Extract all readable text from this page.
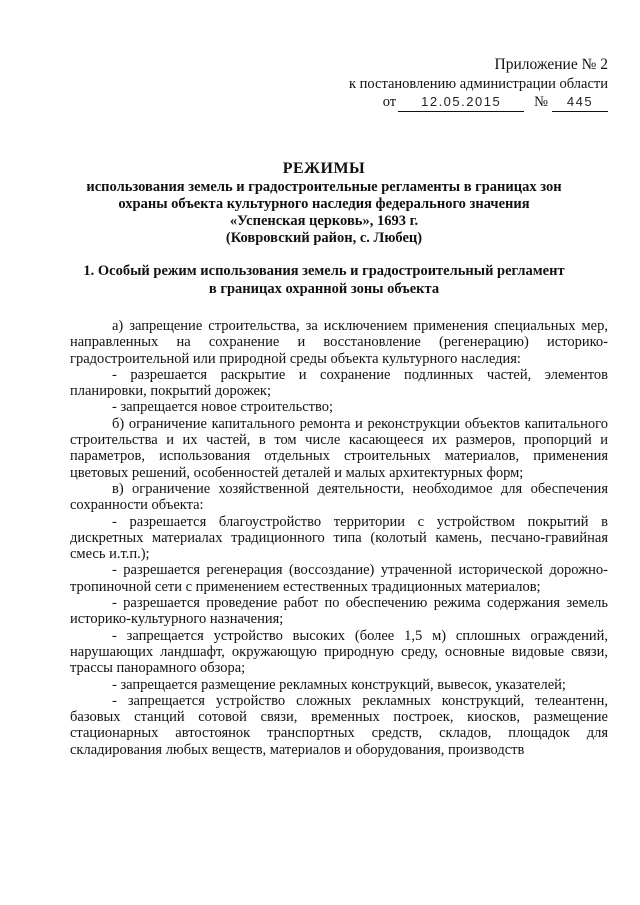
Приложение № 2
к постановлению администрации области
от	12.05.2015	№	445
РЕЖИМЫ
использования земель и градостроительные регламенты в границах зон
охраны объекта культурного наследия федерального значения
«Успенская церковь», 1693 г.
(Ковровский район, с. Любец)
1. Особый режим использования земель и градостроительный регламент
в границах охранной зоны объекта

а) запрещение строительства, за исключением применения специальных мер, направленных на сохранение и восстановление (регенерацию) историко-градостроительной или природной среды объекта культурного наследия:

- разрешается раскрытие и сохранение подлинных частей, элементов планировки, покрытий дорожек;

- запрещается новое строительство;

б) ограничение капитального ремонта и реконструкции объектов капитального строительства и их частей, в том числе касающееся их размеров, пропорций и параметров, использования отдельных строительных материалов, применения цветовых решений, особенностей деталей и малых архитектурных форм;

в) ограничение хозяйственной деятельности, необходимое для обеспечения сохранности объекта:

- разрешается благоустройство территории с устройством покрытий в дискретных материалах традиционного типа (колотый камень, песчано-гравийная смесь и.т.п.);

- разрешается регенерация (воссоздание) утраченной исторической дорожно-тропиночной сети с применением естественных традиционных материалов;

- разрешается проведение работ по обеспечению режима содержания земель историко-культурного назначения;

- запрещается устройство высоких (более 1,5 м) сплошных ограждений, нарушающих ландшафт, окружающую природную среду, основные видовые связи, трассы панорамного обзора;

- запрещается размещение рекламных конструкций, вывесок, указателей;

- запрещается устройство сложных рекламных конструкций, телеантенн, базовых станций сотовой связи, временных построек, киосков, размещение стационарных автостоянок транспортных средств, складов, площадок для складирования любых веществ, материалов и оборудования, производств
